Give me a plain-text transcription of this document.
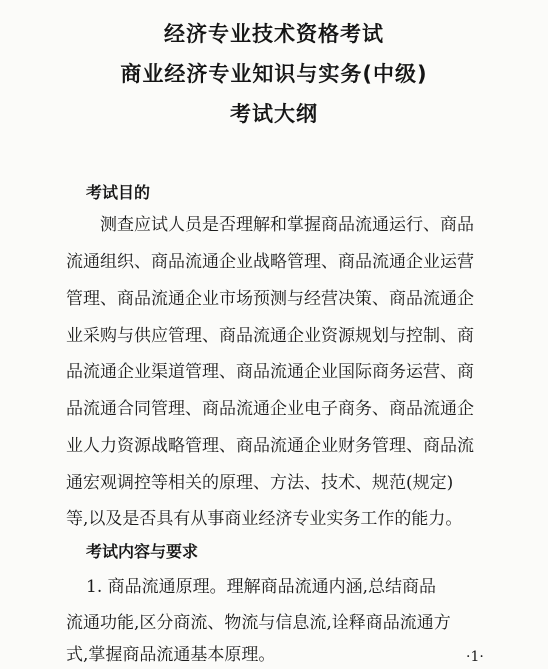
经济专业技术资格考试
商业经济专业知识与实务(中级)
考试大纲
考试目的
测查应试人员是否理解和掌握商品流通运行、商品
流通组织、商品流通企业战略管理、商品流通企业运营
管理、商品流通企业市场预测与经营决策、商品流通企
业采购与供应管理、商品流通企业资源规划与控制、商
品流通企业渠道管理、商品流通企业国际商务运营、商
品流通合同管理、商品流通企业电子商务、商品流通企
业人力资源战略管理、商品流通企业财务管理、商品流
通宏观调控等相关的原理、方法、技术、规范(规定)
等,以及是否具有从事商业经济专业实务工作的能力。
考试内容与要求
1. 商品流通原理。理解商品流通内涵,总结商品
流通功能,区分商流、物流与信息流,诠释商品流通方
式,掌握商品流通基本原理。	·1·
